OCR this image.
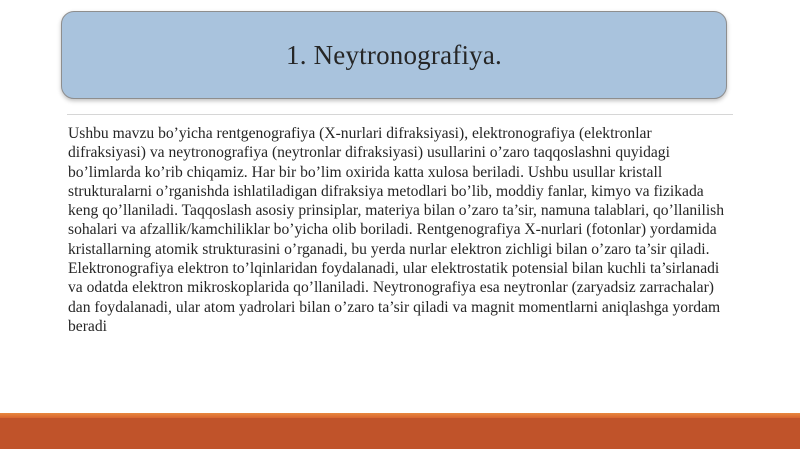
1. Neytronografiya.

Ushbu mavzu bo’yicha rentgenografiya (X-nurlari difraksiyasi), elektronografiya (elektronlar difraksiyasi) va neytronografiya (neytronlar difraksiyasi) usullarini o’zaro taqqoslashni quyidagi bo’limlarda ko’rib chiqamiz. Har bir bo’lim oxirida katta xulosa beriladi. Ushbu usullar kristall strukturalarni o’rganishda ishlatiladigan difraksiya metodlari bo’lib, moddiy fanlar, kimyo va fizikada keng qo’llaniladi. Taqqoslash asosiy prinsiplar, materiya bilan o’zaro ta’sir, namuna talablari, qo’llanilish sohalari va afzallik/kamchiliklar bo’yicha olib boriladi. Rentgenografiya X-nurlari (fotonlar) yordamida kristallarning atomik strukturasini o’rganadi, bu yerda nurlar elektron zichligi bilan o’zaro ta’sir qiladi. Elektronografiya elektron to’lqinlaridan foydalanadi, ular elektrostatik potensial bilan kuchli ta’sirlanadi va odatda elektron mikroskoplarida qo’llaniladi. Neytronografiya esa neytronlar (zaryadsiz zarrachalar) dan foydalanadi, ular atom yadrolari bilan o’zaro ta’sir qiladi va magnit momentlarni aniqlashga yordam beradi
